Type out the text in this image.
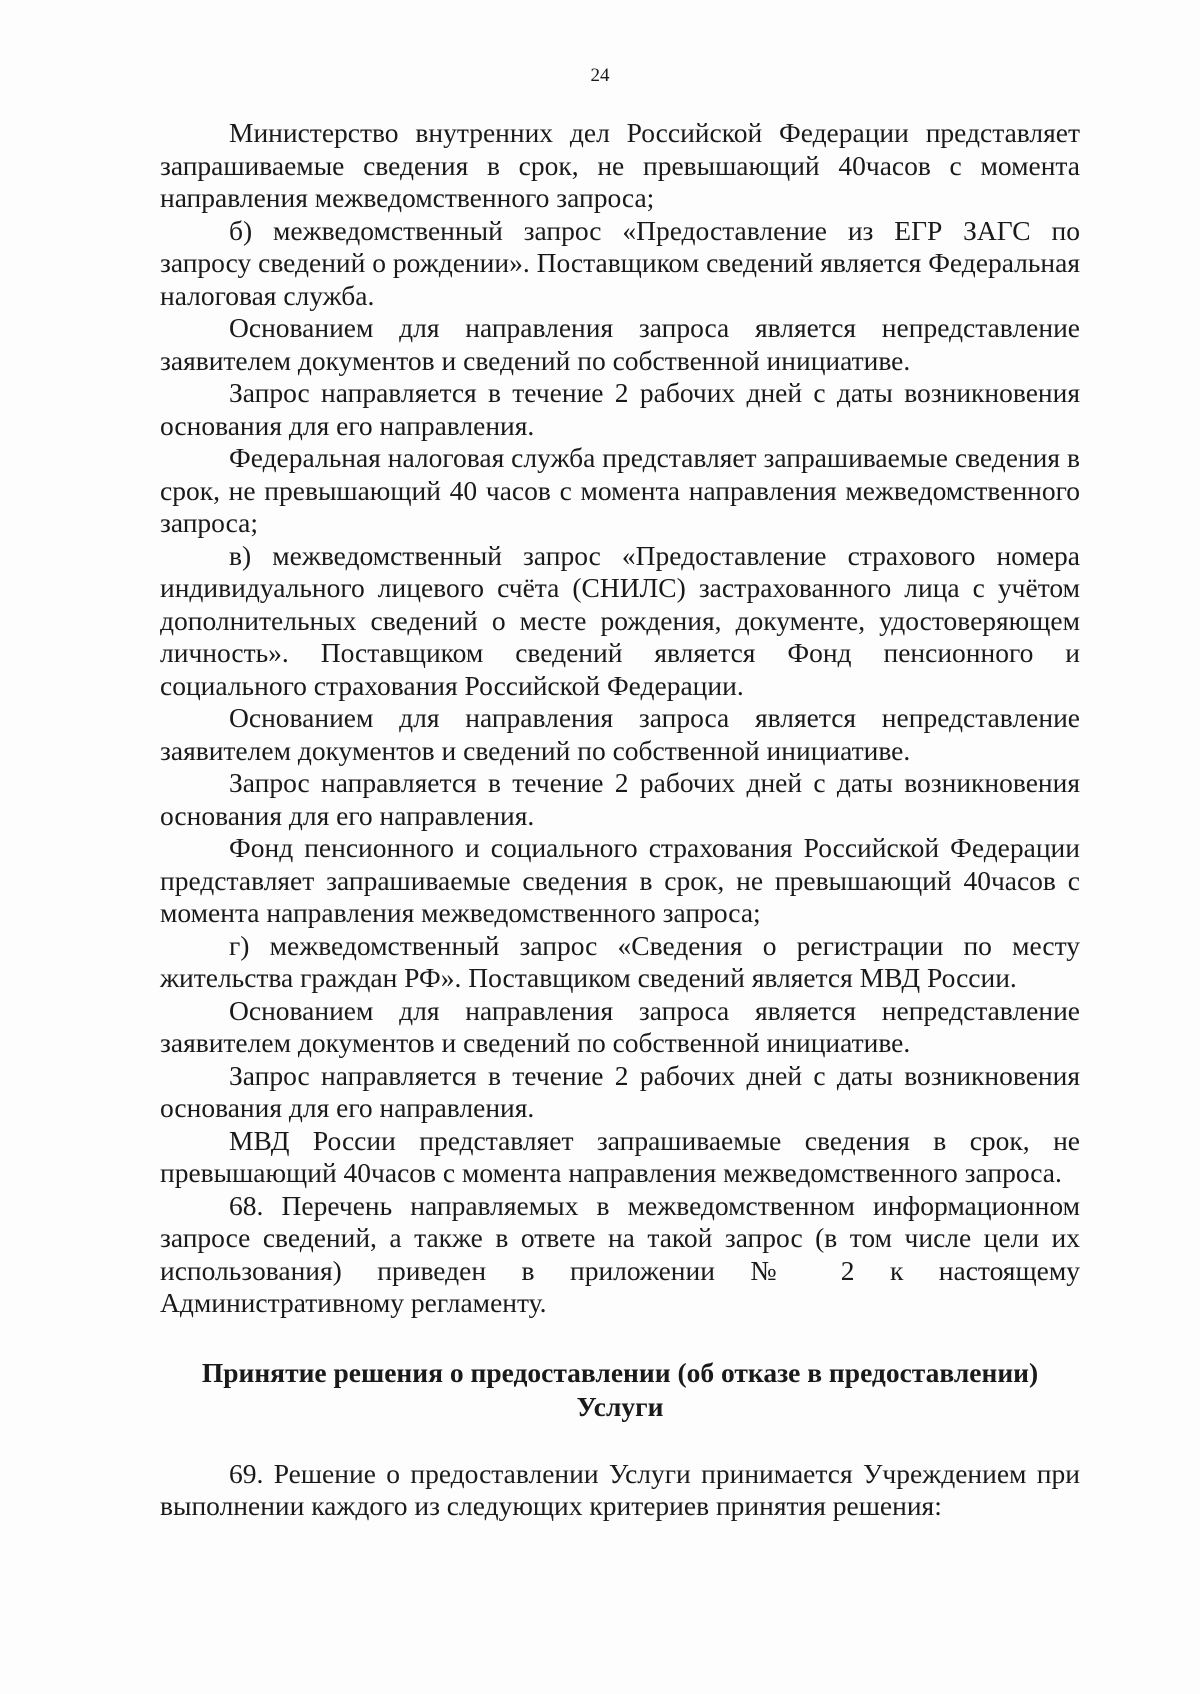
24

Министерство внутренних дел Российской Федерации представляет запрашиваемые сведения в срок, не превышающий 40часов с момента направления межведомственного запроса;

б) межведомственный запрос «Предоставление из ЕГР ЗАГС по запросу сведений о рождении». Поставщиком сведений является Федеральная налоговая служба.

Основанием для направления запроса является непредставление заявителем документов и сведений по собственной инициативе.

Запрос направляется в течение 2 рабочих дней с даты возникновения основания для его направления.

Федеральная налоговая служба представляет запрашиваемые сведения в срок, не превышающий 40 часов с момента направления межведомственного запроса;

в) межведомственный запрос «Предоставление страхового номера индивидуального лицевого счёта (СНИЛС) застрахованного лица с учётом дополнительных сведений о месте рождения, документе, удостоверяющем личность». Поставщиком сведений является Фонд пенсионного и социального страхования Российской Федерации.

Основанием для направления запроса является непредставление заявителем документов и сведений по собственной инициативе.

Запрос направляется в течение 2 рабочих дней с даты возникновения основания для его направления.

Фонд пенсионного и социального страхования Российской Федерации представляет запрашиваемые сведения в срок, не превышающий 40часов с момента направления межведомственного запроса;

г) межведомственный запрос «Сведения о регистрации по месту жительства граждан РФ». Поставщиком сведений является МВД России.

Основанием для направления запроса является непредставление заявителем документов и сведений по собственной инициативе.

Запрос направляется в течение 2 рабочих дней с даты возникновения основания для его направления.

МВД России представляет запрашиваемые сведения в срок, не превышающий 40часов с момента направления межведомственного запроса.

68. Перечень направляемых в межведомственном информационном запросе сведений, а также в ответе на такой запрос (в том числе цели их использования) приведен в приложении № 2 к настоящему Административному регламенту.

Принятие решения о предоставлении (об отказе в предоставлении) Услуги

69. Решение о предоставлении Услуги принимается Учреждением при выполнении каждого из следующих критериев принятия решения:
